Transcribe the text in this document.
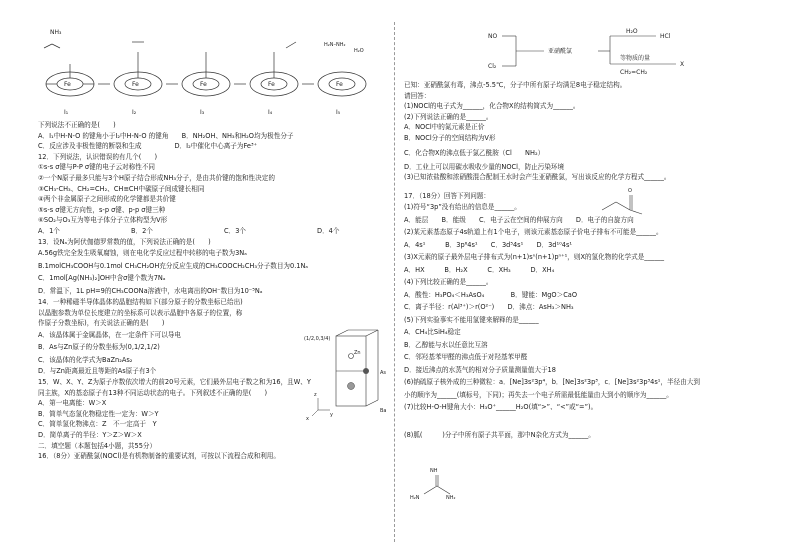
NH₃
Fe
I₁
Fe
I₂
Fe
I₃
Fe
I₄
Fe
I₅
H₂N–NH₂
H₂O
下列说法不正确的是(　　)
A．I₁中H-N-O 的键角小于I₂中H-N-O 的键角　　B．NH₂OH、NH₃和H₂O均为极性分子
C．反应涉及非极性键的断裂和生成　　　　　D．I₂中催化中心离子为Fe³⁺
12．下列说法，认识错误的有几个(　　)
①s-s σ键与P-P σ键的电子云对称性不同
②一个N原子最多只能与3个H原子结合形成NH₃分子，是由共价键的饱和性决定的
③CH₃-CH₃、CH₂=CH₂、CH≡CH中碳原子间成键长相同
④两个非金属原子之间形成的化学键都是共价键
⑤s-s σ键无方向性，s-p σ键、p-p σ键三种
⑥SO₂与O₃互为等电子体分子立体构型为V形
A．1个	B．2个	C．3个	D．4个
13．设Nₐ为阿伏伽德罗常数的值，下列说法正确的是(　　)
A.56g铁完全发生吸氧腐蚀，则在电化学反应过程中转移的电子数为3Nₐ
B.1molCH₃COOH与0.1mol CH₃CH₂OH充分反应生成的CH₃COOCH₂CH₃分子数目为0.1Nₐ
C．1mol[Ag(NH₃)₂]OH中含σ键个数为7Nₐ
D．常温下，1L pH=9的CH₃COONa溶液中，水电离出的OH⁻数目为10⁻⁵Nₐ
14．一种稀磁半导体晶体的晶胞结构如下(部分原子的分数坐标已给出)
以晶胞参数为单位长度建立的坐标系可以表示晶胞中各原子的位置，称
作原子分数坐标)，有关说法正确的是(　　)
A．该晶体属于金属晶体，在一定条件下可以导电
B．As与Zn原子的分数坐标为(0,1/2,1/2)
C．该晶体的化学式为BaZn₂As₂
D．与Zn距离最近且等距的As原子有3个
15．W、X、Y、Z为原子序数依次增大的前20号元素，它们最外层电子数之和为16，且W、Y
同主族，X的基态原子有13种不同运动状态的电子。下列叙述不正确的是(　　)
A．第一电离能：W＞X
B．简单气态氢化物稳定性一定为：W＞Y
C．简单氢化物沸点：Z　不一定高于　Y
D．简单离子的半径：Y＞Z＞W＞X
二．填空题（本题包括4小题，共55分）
16．（8分）亚硝酰氯(NOCl)是有机物制备的重要试剂，可按以下流程合成和利用。
(1/2,0,3/4)
Zn
As
Ba
x
y
z
NO
Cl₂
亚硝酰氯
H₂O
HCl
等物质的量
CH₂=CH₂
X
已知：亚硝酰氯有毒，沸点-5.5℃，分子中所有原子均满足8电子稳定结构。
请回答：
(1)NOCl的电子式为______，化合物X的结构简式为______。
(2)下列说法正确的是______。
A．NOCl中的氮元素是正价
B．NOCl分子的空间结构为V形
C．化合物X的沸点低于氯乙酰胺（Cl　　NH₂）
D．工业上可以用碳水吸收少量的NOCl，防止污染环境
(3)已知浓盐酸和浓硝酸混合配制王水时会产生亚硝酰氯，写出该反应的化学方程式______。
17．（18分）回答下列问题：
(1)符号“3p”没有给出的信息是______。
A．能层　　B．能级　　C．电子云在空间的伸展方向　　D．电子的自旋方向
(2)某元素基态原子4s轨道上有1个电子，则该元素基态原子价电子排布不可能是______。
A．4s¹　　　B．3p⁶4s¹　　C．3d⁵4s¹　　D．3d¹⁰4s¹
(3)X元素的原子最外层电子排布式为(n+1)sⁿ(n+1)pⁿ⁺¹，则X的氢化物的化学式是______
A．HX　　　B．H₂X　　　C．XH₃　　　D．XH₄
(4)下列比较正确的是______。
A．酸性：H₃PO₄＜H₃AsO₄　　　　B．键能：MgO＞CaO
C．离子半径：r(Al³⁺)＞r(O²⁻)　　D．沸点：AsH₃＞NH₃
(5)下列实验事实不能用氢键来解释的是______
A．CH₄比SiH₄稳定
B．乙醇能与水以任意比互溶
C．邻羟基苯甲醛的沸点低于对羟基苯甲醛
D．接近沸点的水蒸气的相对分子质量测量值大于18
(6)钠硫原子核外成的三种微粒：a．[Ne]3s²3p⁴，b．[Ne]3s²3p³，c．[Ne]3s²3p³4s¹，半径由大到
小的顺序为______(填标号，下同)；再失去一个电子所需最低能量由大到小的顺序为______。
(7)比较H-O-H键角大小：H₃O⁺______H₂O(填“>”、“<”或“=”)。
(8)胍(　　　)分子中所有原子共平面，那中N杂化方式为______。
O
NH
H₂N	NH₂
